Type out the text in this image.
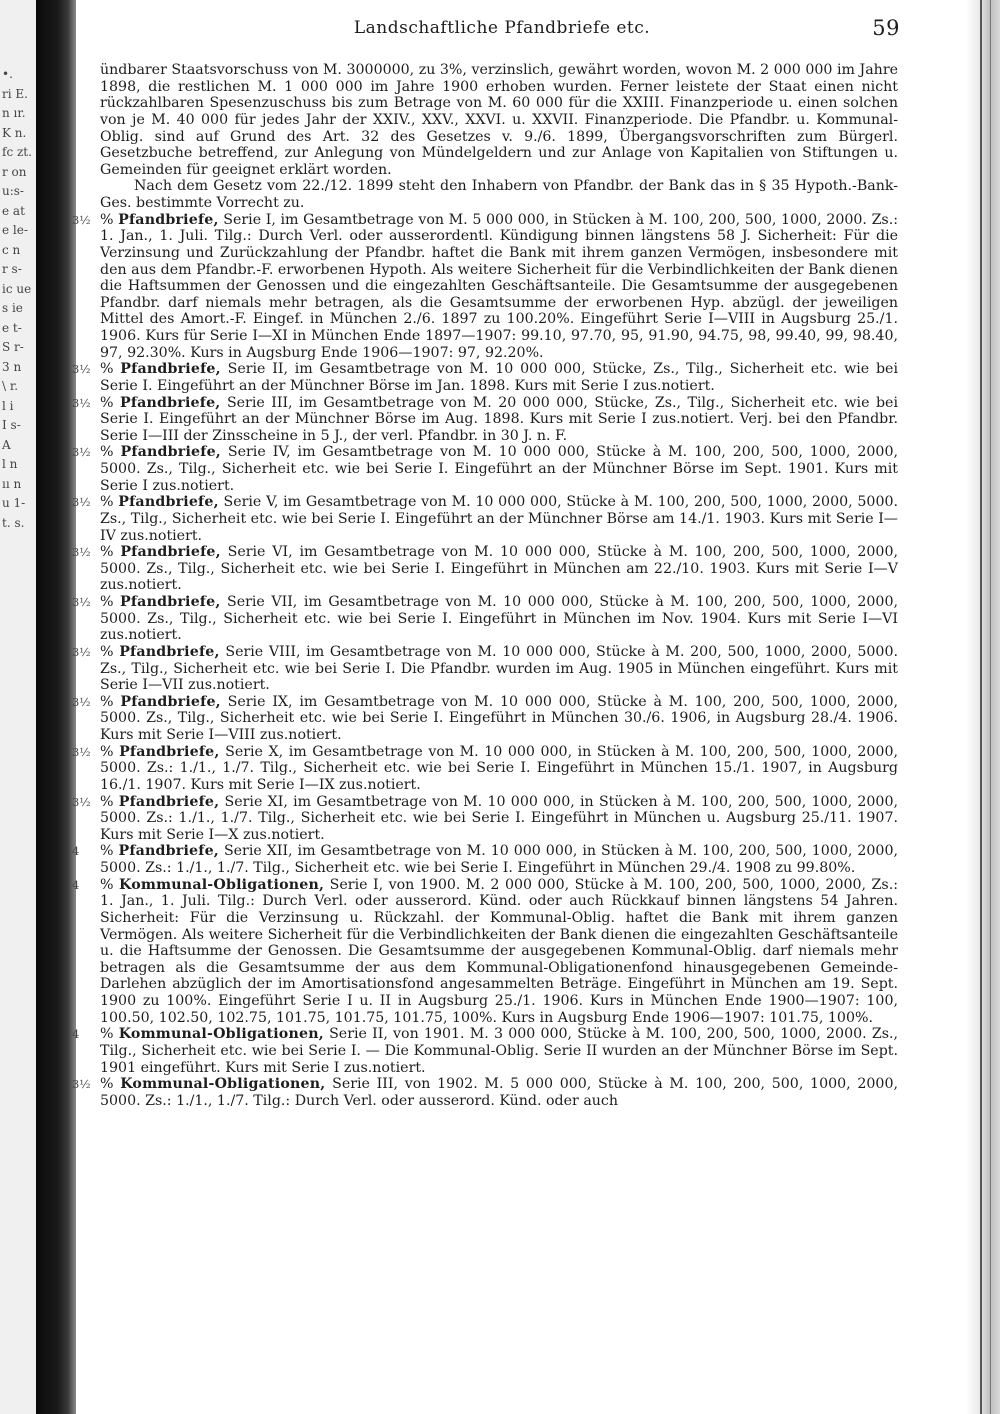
•.
ri E.
n ır.
K n.
fc zt.
r on
u:s-
e at
e le-
c n
r s-
ic ue
s ie
e t-
S r-
3 n
\ r.
l i
I s-
A
l n
ıı n
u 1-
t. s.
Landschaftliche Pfandbriefe etc.	59

ündbarer Staatsvorschuss von M. 3000000, zu 3%, verzinslich, gewährt worden, wovon M. 2 000 000 im Jahre 1898, die restlichen M. 1 000 000 im Jahre 1900 erhoben wurden. Ferner leistete der Staat einen nicht rückzahlbaren Spesenzuschuss bis zum Betrage von M. 60 000 für die XXIII. Finanzperiode u. einen solchen von je M. 40 000 für jedes Jahr der XXIV., XXV., XXVI. u. XXVII. Finanzperiode. Die Pfandbr. u. Kommunal-Oblig. sind auf Grund des Art. 32 des Gesetzes v. 9./6. 1899, Übergangsvorschriften zum Bürgerl. Gesetzbuche betreffend, zur Anlegung von Mündelgeldern und zur Anlage von Kapitalien von Stiftungen u. Gemeinden für geeignet erklärt worden.

Nach dem Gesetz vom 22./12. 1899 steht den Inhabern von Pfandbr. der Bank das in § 35 Hypoth.-Bank-Ges. bestimmte Vorrecht zu.

3½ % Pfandbriefe, Serie I, im Gesamtbetrage von M. 5 000 000, in Stücken à M. 100, 200, 500, 1000, 2000. Zs.: 1. Jan., 1. Juli. Tilg.: Durch Verl. oder ausserordentl. Kündigung binnen längstens 58 J. Sicherheit: Für die Verzinsung und Zurückzahlung der Pfandbr. haftet die Bank mit ihrem ganzen Vermögen, insbesondere mit den aus dem Pfandbr.-F. erworbenen Hypoth. Als weitere Sicherheit für die Verbindlichkeiten der Bank dienen die Haftsummen der Genossen und die eingezahlten Geschäftsanteile. Die Gesamtsumme der ausgegebenen Pfandbr. darf niemals mehr betragen, als die Gesamtsumme der erworbenen Hyp. abzügl. der jeweiligen Mittel des Amort.-F. Eingef. in München 2./6. 1897 zu 100.20%. Eingeführt Serie I—VIII in Augsburg 25./1. 1906. Kurs für Serie I—XI in München Ende 1897—1907: 99.10, 97.70, 95, 91.90, 94.75, 98, 99.40, 99, 98.40, 97, 92.30%. Kurs in Augsburg Ende 1906—1907: 97, 92.20%.

3½ % Pfandbriefe, Serie II, im Gesamtbetrage von M. 10 000 000, Stücke, Zs., Tilg., Sicherheit etc. wie bei Serie I. Eingeführt an der Münchner Börse im Jan. 1898. Kurs mit Serie I zus.notiert.

3½ % Pfandbriefe, Serie III, im Gesamtbetrage von M. 20 000 000, Stücke, Zs., Tilg., Sicherheit etc. wie bei Serie I. Eingeführt an der Münchner Börse im Aug. 1898. Kurs mit Serie I zus.notiert. Verj. bei den Pfandbr. Serie I—III der Zinsscheine in 5 J., der verl. Pfandbr. in 30 J. n. F.

3½ % Pfandbriefe, Serie IV, im Gesamtbetrage von M. 10 000 000, Stücke à M. 100, 200, 500, 1000, 2000, 5000. Zs., Tilg., Sicherheit etc. wie bei Serie I. Eingeführt an der Münchner Börse im Sept. 1901. Kurs mit Serie I zus.notiert.

3½ % Pfandbriefe, Serie V, im Gesamtbetrage von M. 10 000 000, Stücke à M. 100, 200, 500, 1000, 2000, 5000. Zs., Tilg., Sicherheit etc. wie bei Serie I. Eingeführt an der Münchner Börse am 14./1. 1903. Kurs mit Serie I—IV zus.notiert.

3½ % Pfandbriefe, Serie VI, im Gesamtbetrage von M. 10 000 000, Stücke à M. 100, 200, 500, 1000, 2000, 5000. Zs., Tilg., Sicherheit etc. wie bei Serie I. Eingeführt in München am 22./10. 1903. Kurs mit Serie I—V zus.notiert.

3½ % Pfandbriefe, Serie VII, im Gesamtbetrage von M. 10 000 000, Stücke à M. 100, 200, 500, 1000, 2000, 5000. Zs., Tilg., Sicherheit etc. wie bei Serie I. Eingeführt in München im Nov. 1904. Kurs mit Serie I—VI zus.notiert.

3½ % Pfandbriefe, Serie VIII, im Gesamtbetrage von M. 10 000 000, Stücke à M. 200, 500, 1000, 2000, 5000. Zs., Tilg., Sicherheit etc. wie bei Serie I. Die Pfandbr. wurden im Aug. 1905 in München eingeführt. Kurs mit Serie I—VII zus.notiert.

3½ % Pfandbriefe, Serie IX, im Gesamtbetrage von M. 10 000 000, Stücke à M. 100, 200, 500, 1000, 2000, 5000. Zs., Tilg., Sicherheit etc. wie bei Serie I. Eingeführt in München 30./6. 1906, in Augsburg 28./4. 1906. Kurs mit Serie I—VIII zus.notiert.

3½ % Pfandbriefe, Serie X, im Gesamtbetrage von M. 10 000 000, in Stücken à M. 100, 200, 500, 1000, 2000, 5000. Zs.: 1./1., 1./7. Tilg., Sicherheit etc. wie bei Serie I. Eingeführt in München 15./1. 1907, in Augsburg 16./1. 1907. Kurs mit Serie I—IX zus.notiert.

3½ % Pfandbriefe, Serie XI, im Gesamtbetrage von M. 10 000 000, in Stücken à M. 100, 200, 500, 1000, 2000, 5000. Zs.: 1./1., 1./7. Tilg., Sicherheit etc. wie bei Serie I. Eingeführt in München u. Augsburg 25./11. 1907. Kurs mit Serie I—X zus.notiert.

4 % Pfandbriefe, Serie XII, im Gesamtbetrage von M. 10 000 000, in Stücken à M. 100, 200, 500, 1000, 2000, 5000. Zs.: 1./1., 1./7. Tilg., Sicherheit etc. wie bei Serie I. Eingeführt in München 29./4. 1908 zu 99.80%.

4 % Kommunal-Obligationen, Serie I, von 1900. M. 2 000 000, Stücke à M. 100, 200, 500, 1000, 2000, Zs.: 1. Jan., 1. Juli. Tilg.: Durch Verl. oder ausserord. Künd. oder auch Rückkauf binnen längstens 54 Jahren. Sicherheit: Für die Verzinsung u. Rückzahl. der Kommunal-Oblig. haftet die Bank mit ihrem ganzen Vermögen. Als weitere Sicherheit für die Verbindlichkeiten der Bank dienen die eingezahlten Geschäftsanteile u. die Haftsumme der Genossen. Die Gesamtsumme der ausgegebenen Kommunal-Oblig. darf niemals mehr betragen als die Gesamtsumme der aus dem Kommunal-Obligationenfond hinausgegebenen Gemeinde-Darlehen abzüglich der im Amortisationsfond angesammelten Beträge. Eingeführt in München am 19. Sept. 1900 zu 100%. Eingeführt Serie I u. II in Augsburg 25./1. 1906. Kurs in München Ende 1900—1907: 100, 100.50, 102.50, 102.75, 101.75, 101.75, 101.75, 100%. Kurs in Augsburg Ende 1906—1907: 101.75, 100%.

4 % Kommunal-Obligationen, Serie II, von 1901. M. 3 000 000, Stücke à M. 100, 200, 500, 1000, 2000. Zs., Tilg., Sicherheit etc. wie bei Serie I. — Die Kommunal-Oblig. Serie II wurden an der Münchner Börse im Sept. 1901 eingeführt. Kurs mit Serie I zus.notiert.

3½ % Kommunal-Obligationen, Serie III, von 1902. M. 5 000 000, Stücke à M. 100, 200, 500, 1000, 2000, 5000. Zs.: 1./1., 1./7. Tilg.: Durch Verl. oder ausserord. Künd. oder auch
